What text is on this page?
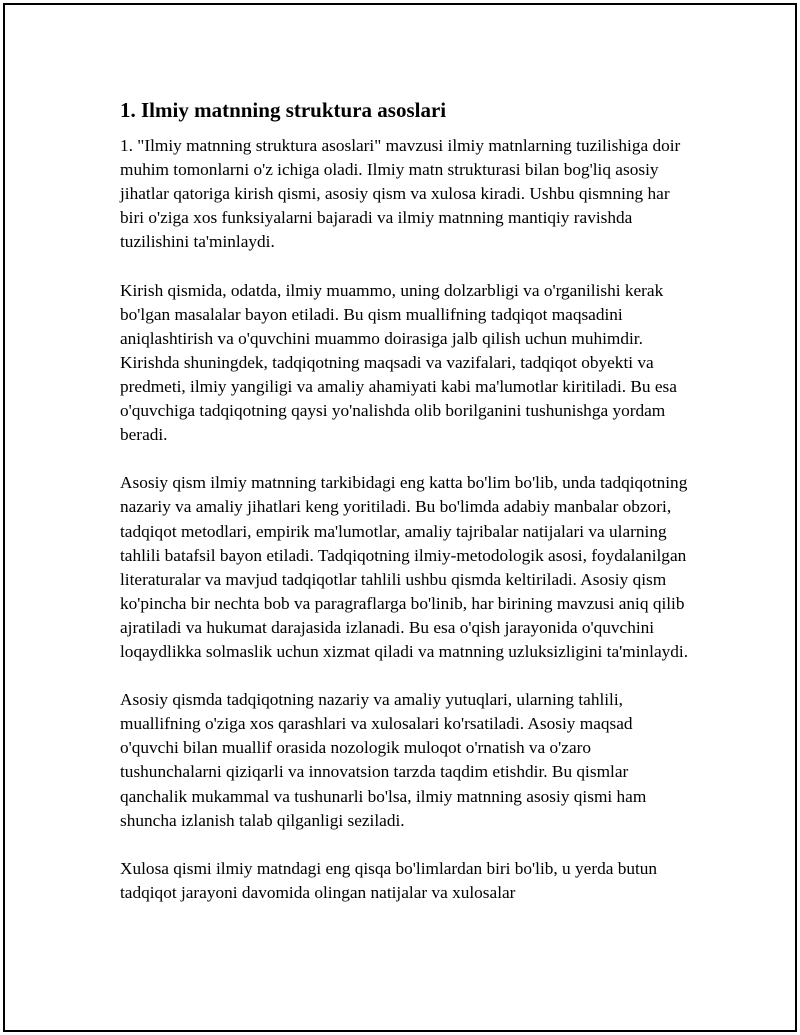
1. Ilmiy matnning struktura asoslari

1. "Ilmiy matnning struktura asoslari" mavzusi ilmiy matnlarning tuzilishiga doir muhim tomonlarni o'z ichiga oladi. Ilmiy matn strukturasi bilan bog'liq asosiy jihatlar qatoriga kirish qismi, asosiy qism va xulosa kiradi. Ushbu qismning har biri o'ziga xos funksiyalarni bajaradi va ilmiy matnning mantiqiy ravishda tuzilishini ta'minlaydi.

Kirish qismida, odatda, ilmiy muammo, uning dolzarbligi va o'rganilishi kerak bo'lgan masalalar bayon etiladi. Bu qism muallifning tadqiqot maqsadini aniqlashtirish va o'quvchini muammo doirasiga jalb qilish uchun muhimdir. Kirishda shuningdek, tadqiqotning maqsadi va vazifalari, tadqiqot obyekti va predmeti, ilmiy yangiligi va amaliy ahamiyati kabi ma'lumotlar kiritiladi. Bu esa o'quvchiga tadqiqotning qaysi yo'nalishda olib borilganini tushunishga yordam beradi.

Asosiy qism ilmiy matnning tarkibidagi eng katta bo'lim bo'lib, unda tadqiqotning nazariy va amaliy jihatlari keng yoritiladi. Bu bo'limda adabiy manbalar obzori, tadqiqot metodlari, empirik ma'lumotlar, amaliy tajribalar natijalari va ularning tahlili batafsil bayon etiladi. Tadqiqotning ilmiy-metodologik asosi, foydalanilgan literaturalar va mavjud tadqiqotlar tahlili ushbu qismda keltiriladi. Asosiy qism ko'pincha bir nechta bob va paragraflarga bo'linib, har birining mavzusi aniq qilib ajratiladi va hukumat darajasida izlanadi. Bu esa o'qish jarayonida o'quvchini loqaydlikka solmaslik uchun xizmat qiladi va matnning uzluksizligini ta'minlaydi.

Asosiy qismda tadqiqotning nazariy va amaliy yutuqlari, ularning tahlili, muallifning o'ziga xos qarashlari va xulosalari ko'rsatiladi. Asosiy maqsad o'quvchi bilan muallif orasida nozologik muloqot o'rnatish va o'zaro tushunchalarni qiziqarli va innovatsion tarzda taqdim etishdir. Bu qismlar qanchalik mukammal va tushunarli bo'lsa, ilmiy matnning asosiy qismi ham shuncha izlanish talab qilganligi seziladi.

Xulosa qismi ilmiy matndagi eng qisqa bo'limlardan biri bo'lib, u yerda butun tadqiqot jarayoni davomida olingan natijalar va xulosalar
